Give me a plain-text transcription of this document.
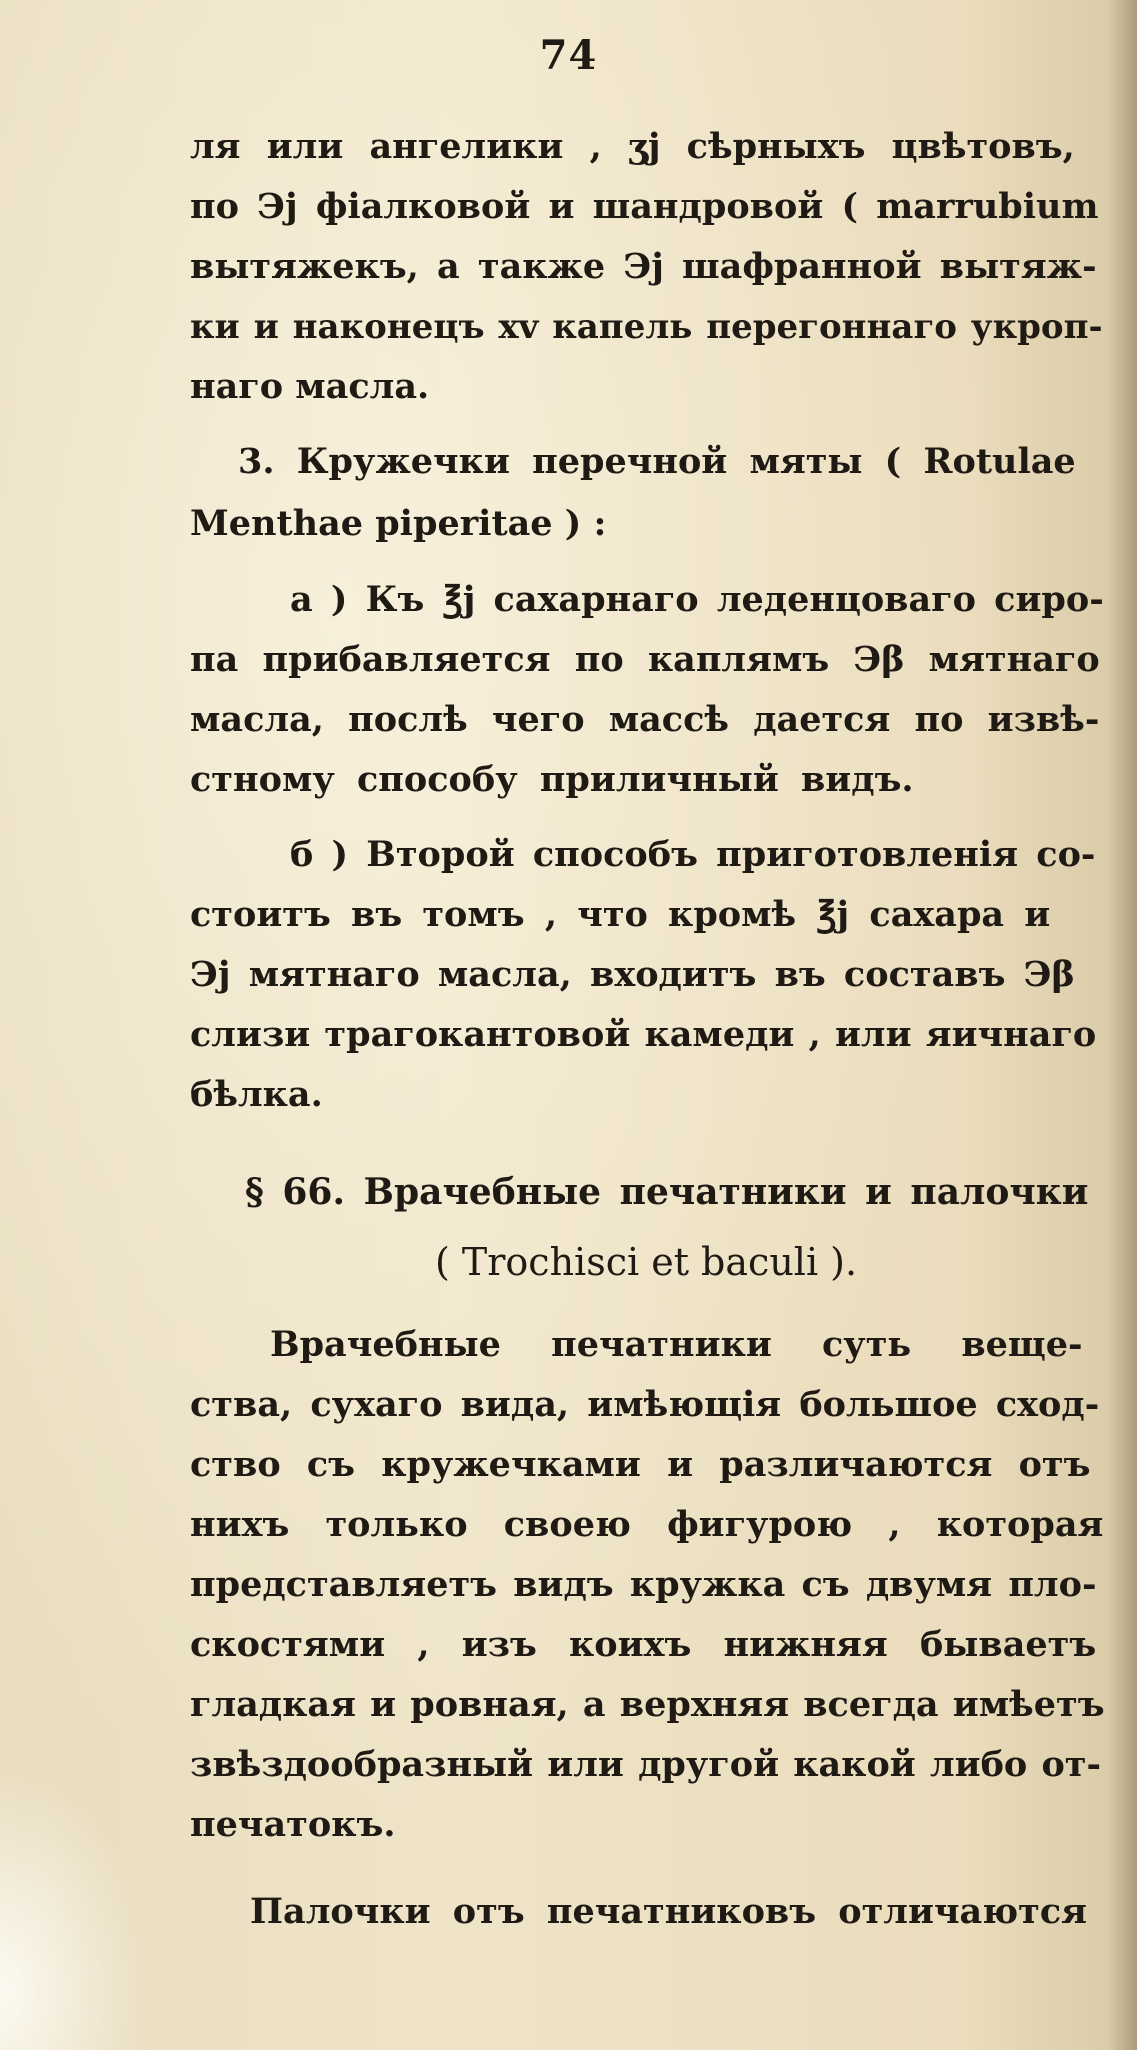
74
ля или ангелики , ʒj сѣрныхъ цвѣтовъ,
по Эj фіалковой и шандровой ( marrubium
вытяжекъ, а также Эj шафранной вытяж-
ки и наконецъ xv капель перегоннаго укроп-
наго масла.
3. Кружечки перечной мяты ( Rotulae
Menthae piperitae ) :
а ) Къ ℥j сахарнаго леденцоваго сиро-
па прибавляется по каплямъ Эβ мятнаго
масла, послѣ чего массѣ дается по извѣ-
стному способу приличный видъ.
б ) Второй способъ приготовленія со-
стоитъ въ томъ , что кромѣ ℥j сахара и
Эj мятнаго масла, входитъ въ составъ Эβ
слизи трагокантовой камеди , или яичнаго
бѣлка.
§ 66. Врачебные печатники и палочки
( Trochisci et baculi ).
Врачебные печатники суть веще-
ства, сухаго вида, имѣющія большое сход-
ство съ кружечками и различаются отъ
нихъ только своею фигурою , которая
представляетъ видъ кружка съ двумя пло-
скостями , изъ коихъ нижняя бываетъ
гладкая и ровная, а верхняя всегда имѣетъ
звѣздообразный или другой какой либо от-
печатокъ.
Палочки отъ печатниковъ отличаются
